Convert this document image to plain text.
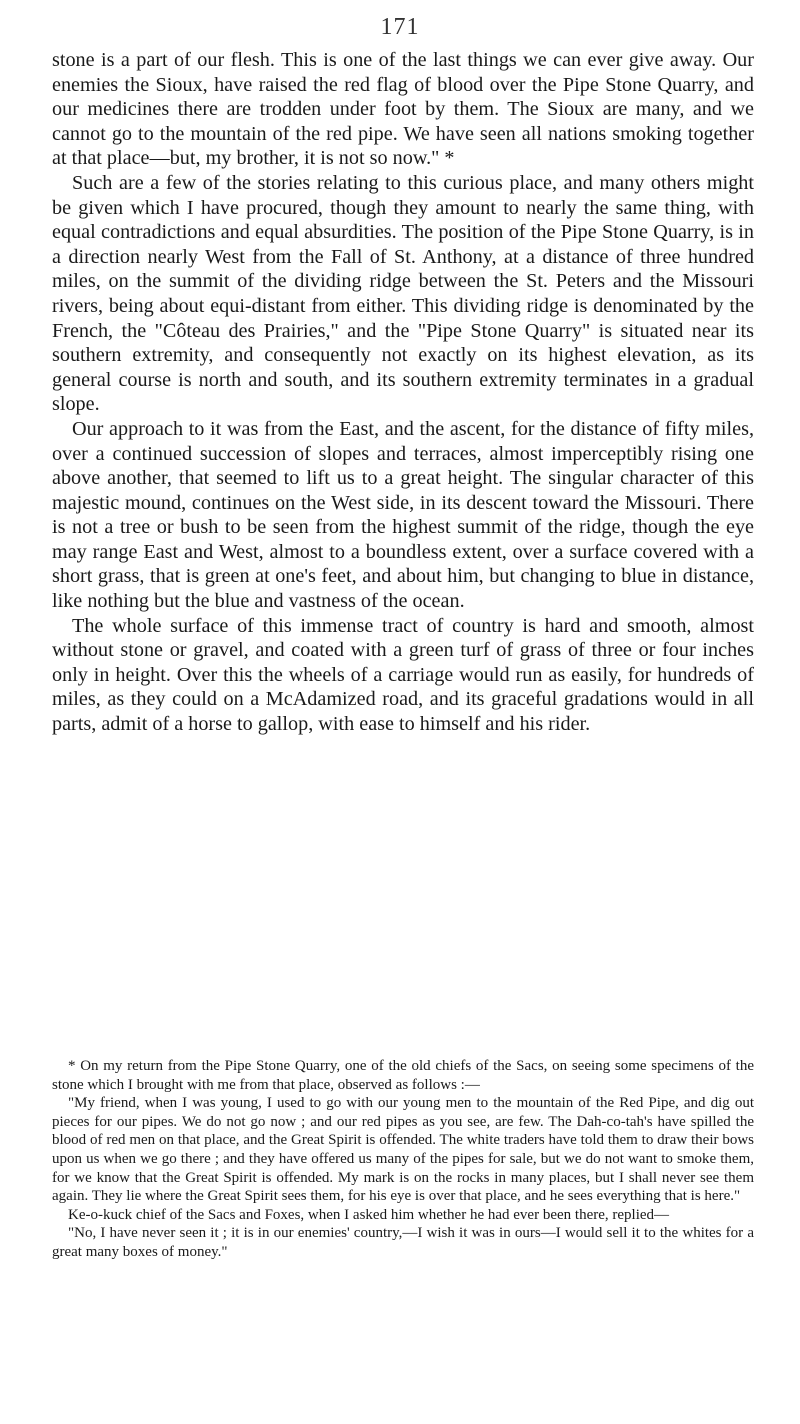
171

stone is a part of our flesh. This is one of the last things we can ever give away. Our enemies the Sioux, have raised the red flag of blood over the Pipe Stone Quarry, and our medicines there are trodden under foot by them. The Sioux are many, and we cannot go to the mountain of the red pipe. We have seen all nations smoking together at that place—but, my brother, it is not so now." *

Such are a few of the stories relating to this curious place, and many others might be given which I have procured, though they amount to nearly the same thing, with equal contradictions and equal absurdities. The position of the Pipe Stone Quarry, is in a direction nearly West from the Fall of St. Anthony, at a distance of three hundred miles, on the summit of the dividing ridge between the St. Peters and the Missouri rivers, being about equi-distant from either. This dividing ridge is denominated by the French, the "Côteau des Prairies," and the "Pipe Stone Quarry" is situated near its southern extremity, and consequently not exactly on its highest elevation, as its general course is north and south, and its southern extremity terminates in a gradual slope.

Our approach to it was from the East, and the ascent, for the distance of fifty miles, over a continued succession of slopes and terraces, almost imperceptibly rising one above another, that seemed to lift us to a great height. The singular character of this majestic mound, continues on the West side, in its descent toward the Missouri. There is not a tree or bush to be seen from the highest summit of the ridge, though the eye may range East and West, almost to a boundless extent, over a surface covered with a short grass, that is green at one's feet, and about him, but changing to blue in distance, like nothing but the blue and vastness of the ocean.

The whole surface of this immense tract of country is hard and smooth, almost without stone or gravel, and coated with a green turf of grass of three or four inches only in height. Over this the wheels of a carriage would run as easily, for hundreds of miles, as they could on a McAdamized road, and its graceful gradations would in all parts, admit of a horse to gallop, with ease to himself and his rider.

* On my return from the Pipe Stone Quarry, one of the old chiefs of the Sacs, on seeing some specimens of the stone which I brought with me from that place, observed as follows :—

"My friend, when I was young, I used to go with our young men to the mountain of the Red Pipe, and dig out pieces for our pipes. We do not go now ; and our red pipes as you see, are few. The Dah-co-tah's have spilled the blood of red men on that place, and the Great Spirit is offended. The white traders have told them to draw their bows upon us when we go there ; and they have offered us many of the pipes for sale, but we do not want to smoke them, for we know that the Great Spirit is offended. My mark is on the rocks in many places, but I shall never see them again. They lie where the Great Spirit sees them, for his eye is over that place, and he sees everything that is here."

Ke-o-kuck chief of the Sacs and Foxes, when I asked him whether he had ever been there, replied—

"No, I have never seen it ; it is in our enemies' country,—I wish it was in ours—I would sell it to the whites for a great many boxes of money."
